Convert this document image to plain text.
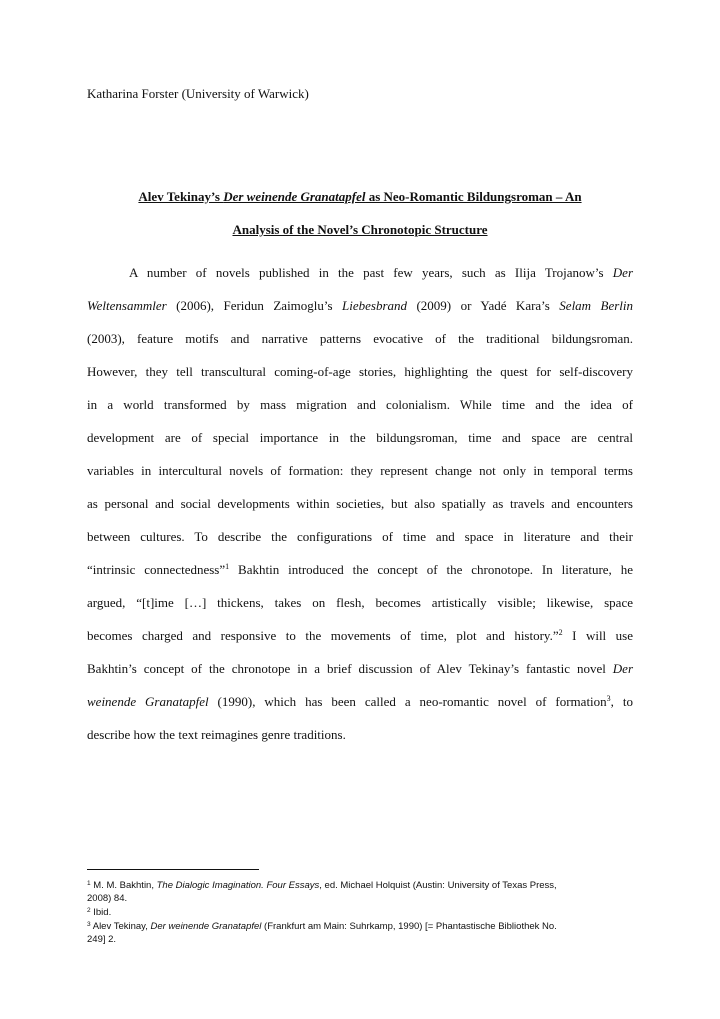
Katharina Forster (University of Warwick)
Alev Tekinay’s Der weinende Granatapfel as Neo-Romantic Bildungsroman – An
Analysis of the Novel’s Chronotopic Structure
A number of novels published in the past few years, such as Ilija Trojanow’s Der
Weltensammler (2006), Feridun Zaimoglu’s Liebesbrand (2009) or Yadé Kara’s Selam Berlin
(2003), feature motifs and narrative patterns evocative of the traditional bildungsroman.
However, they tell transcultural coming-of-age stories, highlighting the quest for self-discovery
in a world transformed by mass migration and colonialism. While time and the idea of
development are of special importance in the bildungsroman, time and space are central
variables in intercultural novels of formation: they represent change not only in temporal terms
as personal and social developments within societies, but also spatially as travels and encounters
between cultures. To describe the configurations of time and space in literature and their
“intrinsic connectedness”$^1$ Bakhtin introduced the concept of the chronotope. In literature, he
argued, “[t]ime […] thickens, takes on flesh, becomes artistically visible; likewise, space
becomes charged and responsive to the movements of time, plot and history.”$^2$ I will use
Bakhtin’s concept of the chronotope in a brief discussion of Alev Tekinay’s fantastic novel Der
weinende Granatapfel (1990), which has been called a neo-romantic novel of formation$^3$, to
describe how the text reimagines genre traditions.
$^1$ M. M. Bakhtin, The Dialogic Imagination. Four Essays, ed. Michael Holquist (Austin: University of Texas Press,
2008) 84.
$^2$ Ibid.
$^3$ Alev Tekinay, Der weinende Granatapfel (Frankfurt am Main: Suhrkamp, 1990) [= Phantastische Bibliothek No.
249] 2.
